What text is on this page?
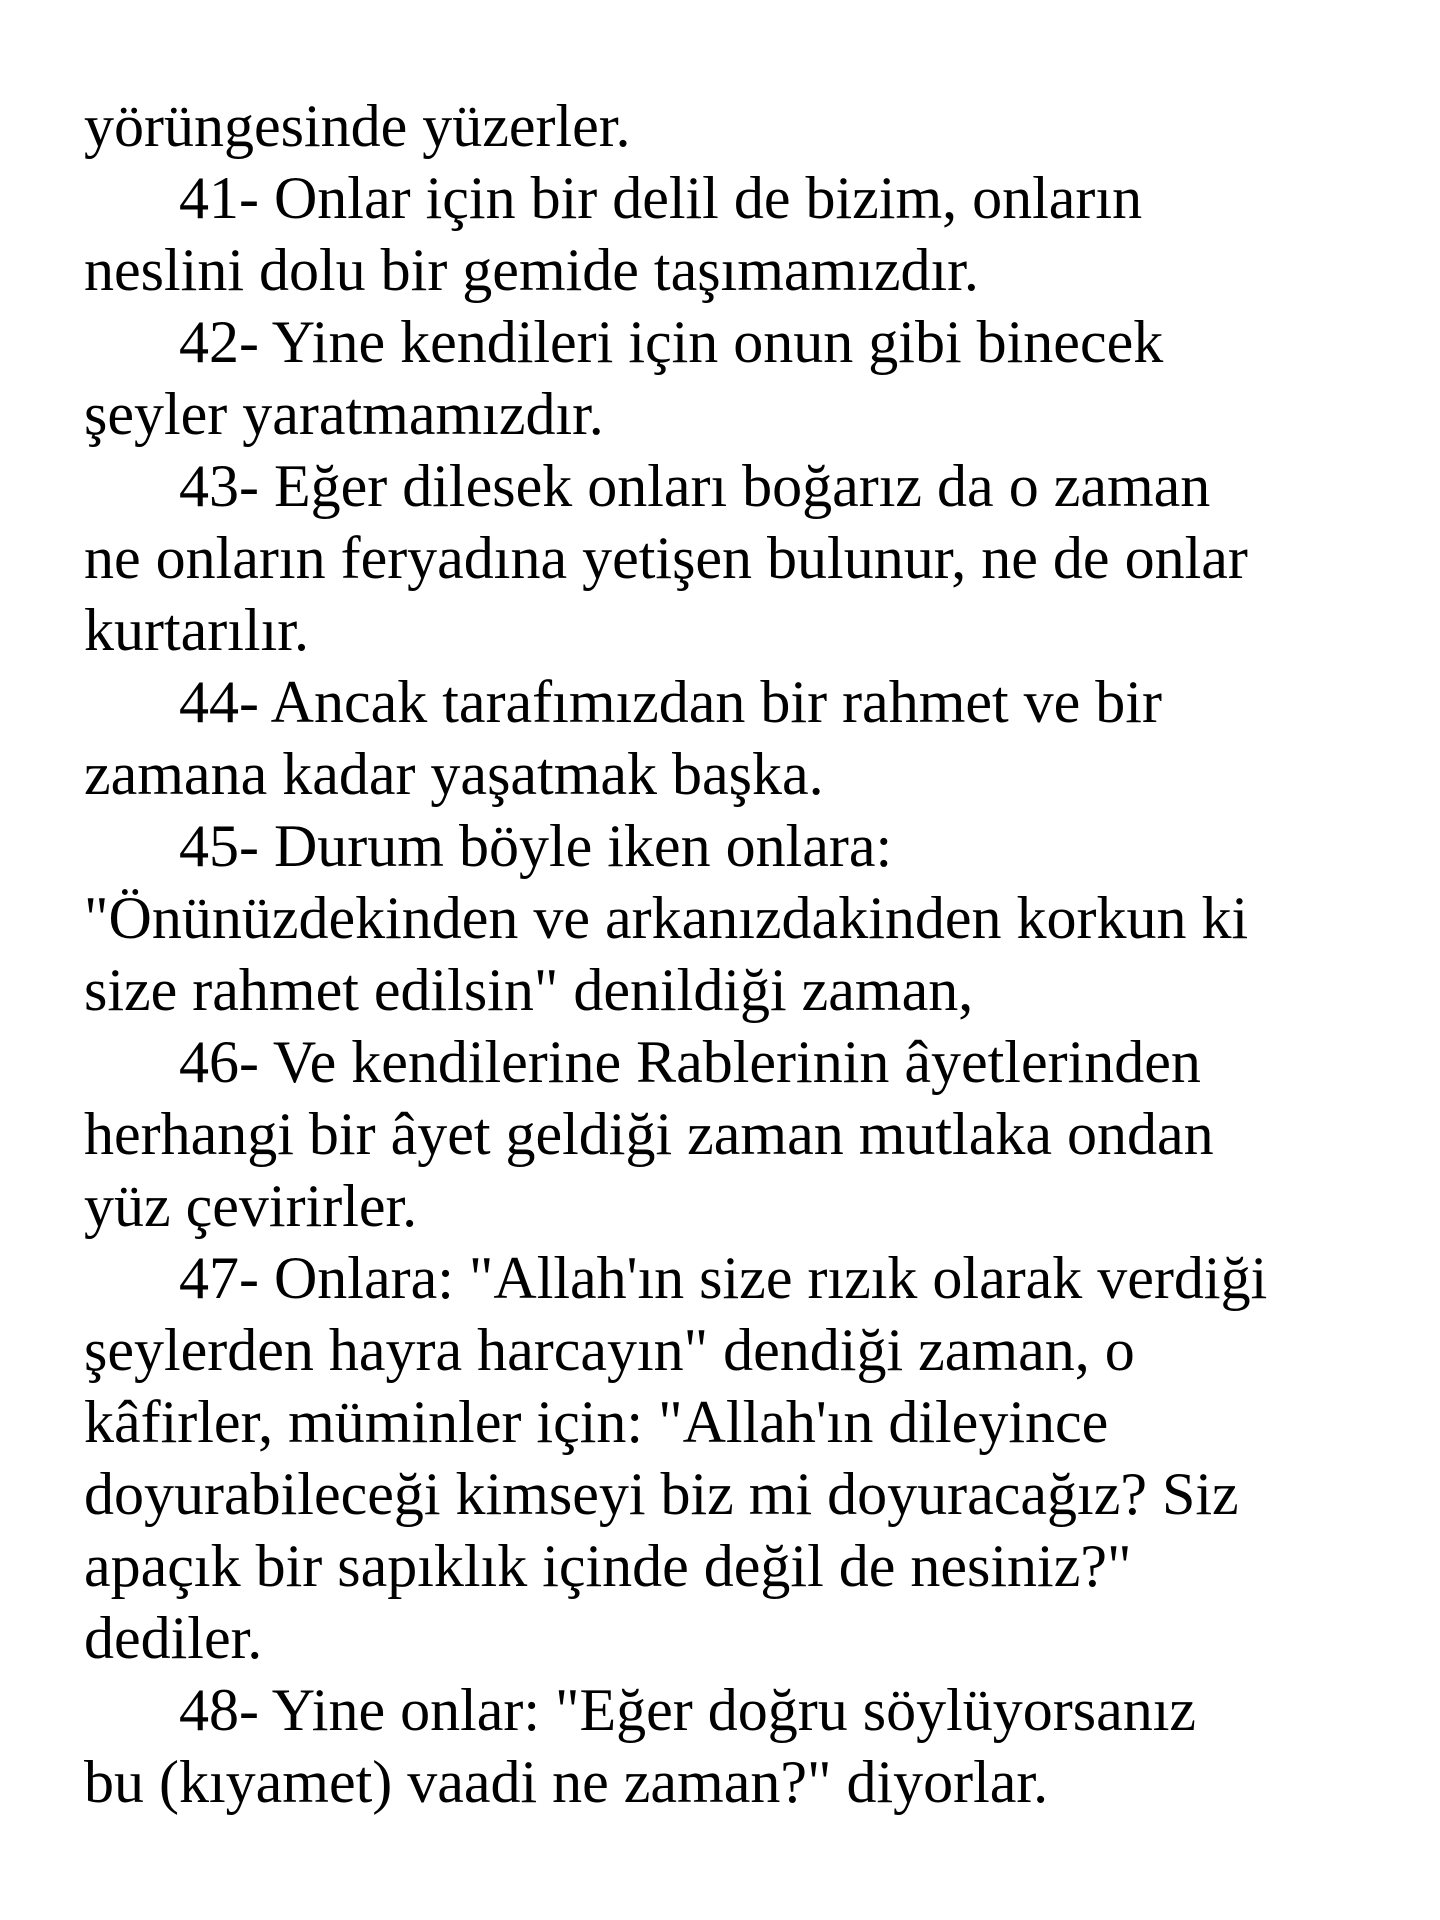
yörüngesinde yüzerler.
41- Onlar için bir delil de bizim, onların
neslini dolu bir gemide taşımamızdır.
42- Yine kendileri için onun gibi binecek
şeyler yaratmamızdır.
43- Eğer dilesek onları boğarız da o zaman
ne onların feryadına yetişen bulunur, ne de onlar
kurtarılır.
44- Ancak tarafımızdan bir rahmet ve bir
zamana kadar yaşatmak başka.
45- Durum böyle iken onlara:
"Önünüzdekinden ve arkanızdakinden korkun ki
size rahmet edilsin" denildiği zaman,
46- Ve kendilerine Rablerinin âyetlerinden
herhangi bir âyet geldiği zaman mutlaka ondan
yüz çevirirler.
47- Onlara: "Allah'ın size rızık olarak verdiği
şeylerden hayra harcayın" dendiği zaman, o
kâfirler, müminler için: "Allah'ın dileyince
doyurabileceği kimseyi biz mi doyuracağız? Siz
apaçık bir sapıklık içinde değil de nesiniz?"
dediler.
48- Yine onlar: "Eğer doğru söylüyorsanız
bu (kıyamet) vaadi ne zaman?" diyorlar.
